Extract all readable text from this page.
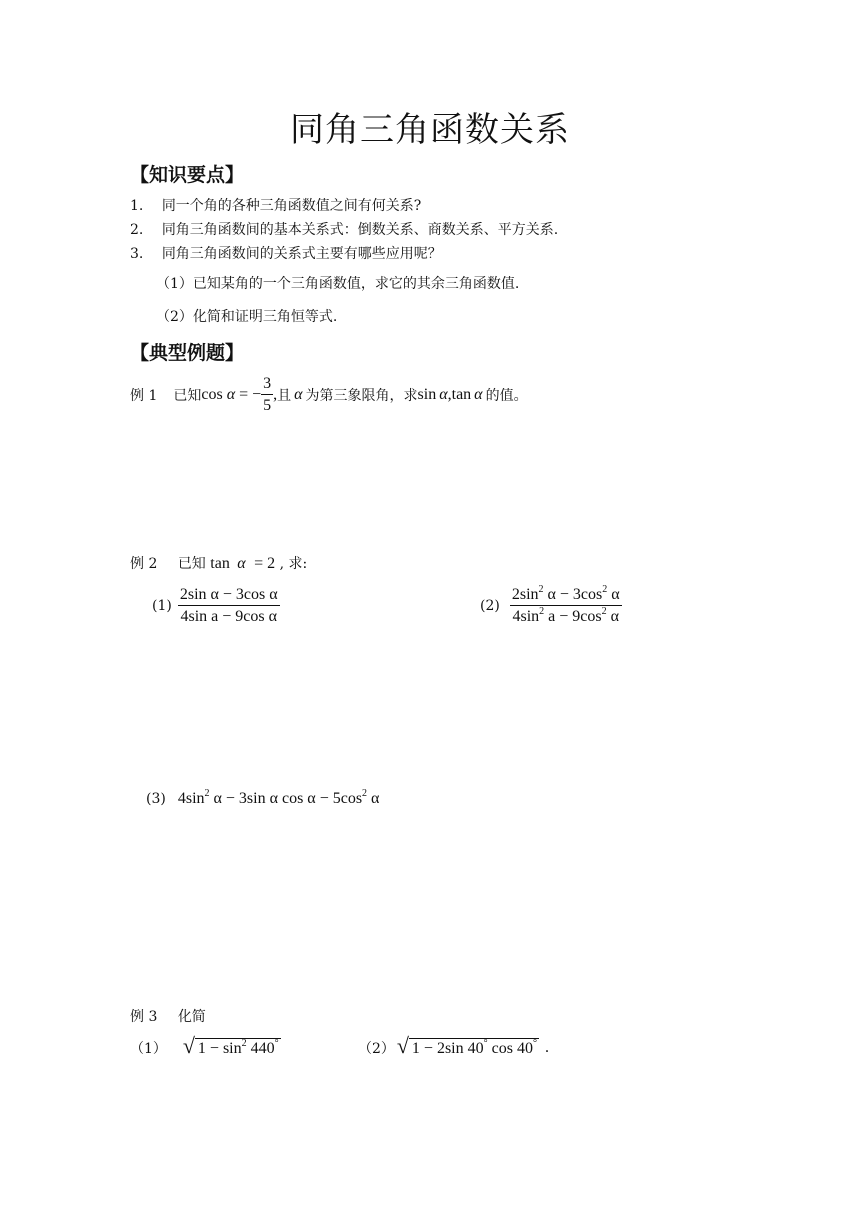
同角三角函数关系
【知识要点】
1. 同一个角的各种三角函数值之间有何关系?
2. 同角三角函数间的基本关系式：倒数关系、商数关系、平方关系.
3. 同角三角函数间的关系式主要有哪些应用呢？
（1）已知某角的一个三角函数值，求它的其余三角函数值.
（2）化简和证明三角恒等式.
【典型例题】
例 1 已知 cos α = − $\frac{3}{5}$ , 且 α 为第三象限角，求 sin α , tan α 的值。
例 2 已知 tan α = 2 , 求:
$(1) \frac{\text{2sin α − 3cos α}}{\text{4sin a − 9cos α}}$	$(2) \frac{2\sin^2 \alpha - 3\cos^2 \alpha}{4\sin^2 a - 9\cos^2 \alpha}$
(3) $4\sin^2$ α − 3sin α $\cos \alpha - 5\cos^2$ α
例 3 化简
（1） √ $1 - \sin^2 440^\circ$	（2） √ 1 − 2sin 40° cos 40° .
